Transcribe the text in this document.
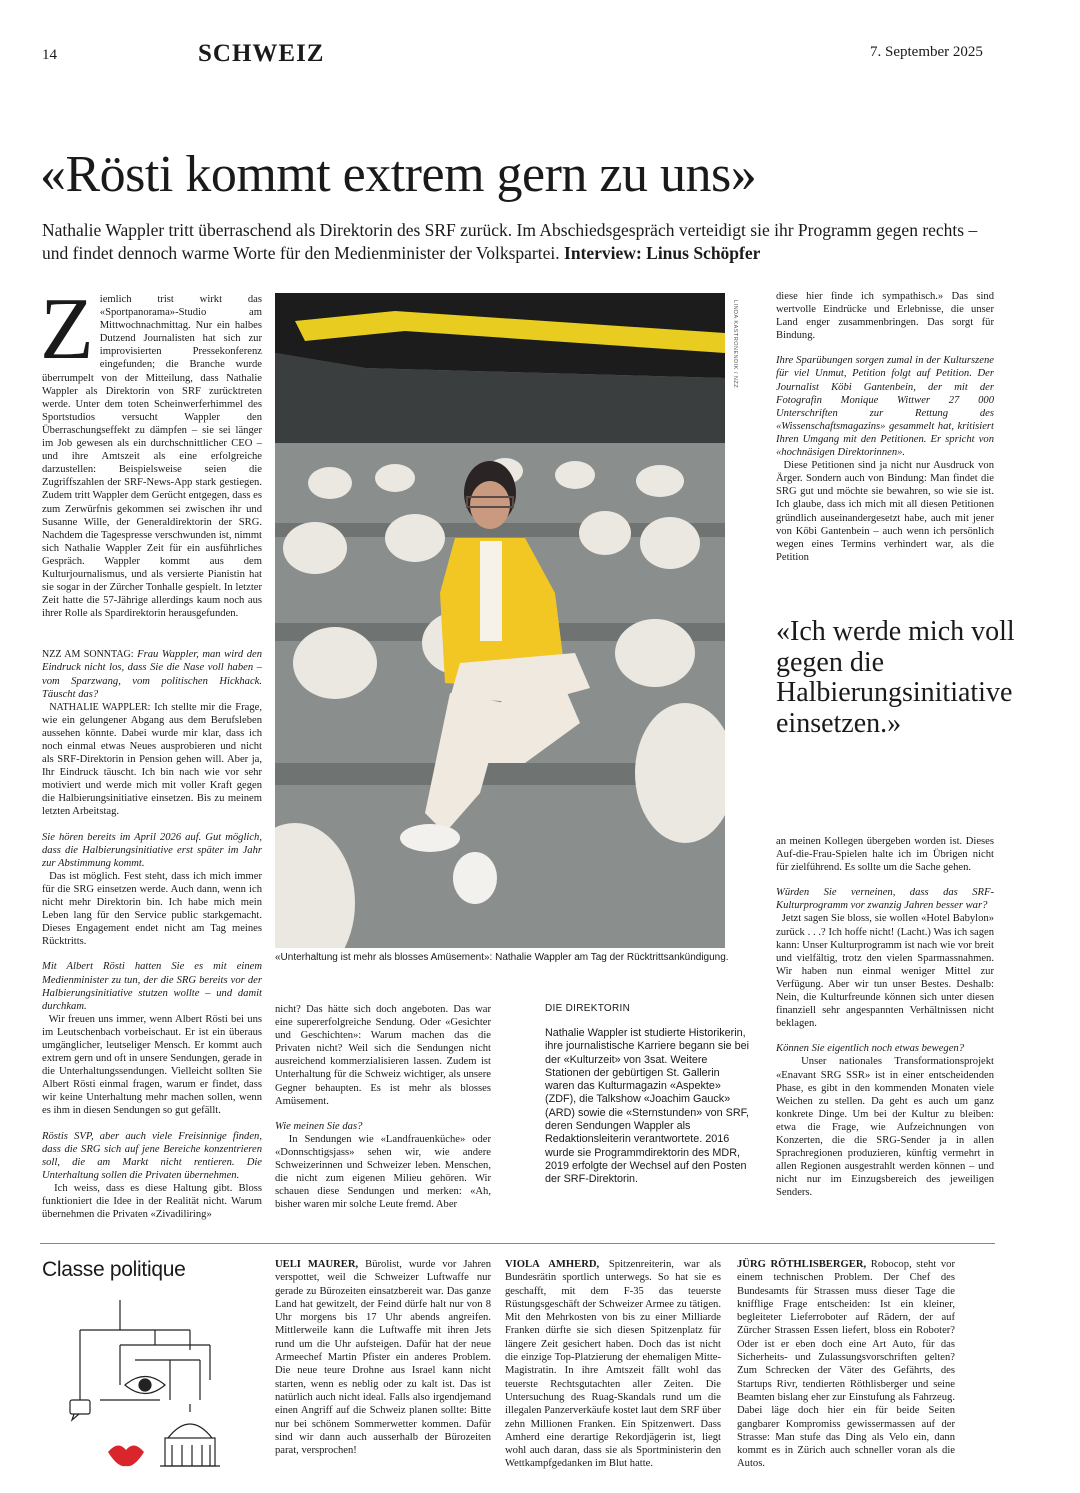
14	SCHWEIZ	7. September 2025
«Rösti kommt extrem gern zu uns»
Nathalie Wappler tritt überraschend als Direktorin des SRF zurück. Im Abschiedsgespräch verteidigt sie ihr Programm gegen rechts – und findet dennoch warme Worte für den Medienminister der Volkspartei. Interview: Linus Schöpfer

Ziemlich trist wirkt das «Sportpanorama»-Studio am Mittwochnachmittag. Nur ein halbes Dutzend Journalisten hat sich zur improvisierten Pressekonferenz eingefunden; die Branche wurde überrumpelt von der Mitteilung, dass Nathalie Wappler als Direktorin von SRF zurücktreten werde. Unter dem toten Scheinwerferhimmel des Sportstudios versucht Wappler den Überraschungseffekt zu dämpfen – sie sei länger im Job gewesen als ein durchschnittlicher CEO – und ihre Amtszeit als eine erfolgreiche darzustellen: Beispielsweise seien die Zugriffszahlen der SRF-News-App stark gestiegen. Zudem tritt Wappler dem Gerücht entgegen, dass es zum Zerwürfnis gekommen sei zwischen ihr und Susanne Wille, der Generaldirektorin der SRG. Nachdem die Tagespresse verschwunden ist, nimmt sich Nathalie Wappler Zeit für ein ausführliches Gespräch. Wappler kommt aus dem Kulturjournalismus, und als versierte Pianistin hat sie sogar in der Zürcher Tonhalle gespielt. In letzter Zeit hatte die 57-Jährige allerdings kaum noch aus ihrer Rolle als Spardirektorin herausgefunden.

NZZ AM SONNTAG: Frau Wappler, man wird den Eindruck nicht los, dass Sie die Nase voll haben – vom Sparzwang, vom politischen Hickhack. Täuscht das?

NATHALIE WAPPLER: Ich stellte mir die Frage, wie ein gelungener Abgang aus dem Berufsleben aussehen könnte. Dabei wurde mir klar, dass ich noch einmal etwas Neues ausprobieren und nicht als SRF-Direktorin in Pension gehen will. Aber ja, Ihr Eindruck täuscht. Ich bin nach wie vor sehr motiviert und werde mich mit voller Kraft gegen die Halbierungsinitiative einsetzen. Bis zu meinem letzten Arbeitstag.

Sie hören bereits im April 2026 auf. Gut möglich, dass die Halbierungsinitiative erst später im Jahr zur Abstimmung kommt.

Das ist möglich. Fest steht, dass ich mich immer für die SRG einsetzen werde. Auch dann, wenn ich nicht mehr Direktorin bin. Ich habe mich mein Leben lang für den Service public starkgemacht. Dieses Engagement endet nicht am Tag meines Rücktritts.

Mit Albert Rösti hatten Sie es mit einem Medienminister zu tun, der die SRG bereits vor der Halbierungsinitiative stutzen wollte – und damit durchkam.

Wir freuen uns immer, wenn Albert Rösti bei uns im Leutschenbach vorbeischaut. Er ist ein überaus umgänglicher, leutseliger Mensch. Er kommt auch extrem gern und oft in unsere Sendungen, gerade in die Unterhaltungssendungen. Vielleicht sollten Sie Albert Rösti einmal fragen, warum er findet, dass wir keine Unterhaltung mehr machen sollen, wenn es ihm in diesen Sendungen so gut gefällt.

Röstis SVP, aber auch viele Freisinnige finden, dass die SRG sich auf jene Bereiche konzentrieren soll, die am Markt nicht rentieren. Die Unterhaltung sollen die Privaten übernehmen.

Ich weiss, dass es diese Haltung gibt. Bloss funktioniert die Idee in der Realität nicht. Warum übernehmen die Privaten «Zivadiliring»

LINDA KASTRONENDIK / NZZ
«Unterhaltung ist mehr als blosses Amüsement»: Nathalie Wappler am Tag der Rücktrittsankündigung.

nicht? Das hätte sich doch angeboten. Das war eine supererfolgreiche Sendung. Oder «Gesichter und Geschichten»: Warum machen das die Privaten nicht? Weil sich die Sendungen nicht ausreichend kommerzialisieren lassen. Zudem ist Unterhaltung für die Schweiz wichtiger, als unsere Gegner behaupten. Es ist mehr als blosses Amüsement.

Wie meinen Sie das?

In Sendungen wie «Landfrauenküche» oder «Donnschtigsjass» sehen wir, wie andere Schweizerinnen und Schweizer leben. Menschen, die nicht zum eigenen Milieu gehören. Wir schauen diese Sendungen und merken: «Ah, bisher waren mir solche Leute fremd. Aber

DIE DIREKTORIN
Nathalie Wappler ist studierte Historikerin, ihre journalistische Karriere begann sie bei der «Kulturzeit» von 3sat. Weitere Stationen der gebürtigen St. Gallerin waren das Kulturmagazin «Aspekte» (ZDF), die Talkshow «Joachim Gauck» (ARD) sowie die «Sternstunden» von SRF, deren Sendungen Wappler als Redaktionsleiterin verantwortete. 2016 wurde sie Programmdirektorin des MDR, 2019 erfolgte der Wechsel auf den Posten der SRF-Direktorin.

diese hier finde ich sympathisch.» Das sind wertvolle Eindrücke und Erlebnisse, die unser Land enger zusammenbringen. Das sorgt für Bindung.

Ihre Sparübungen sorgen zumal in der Kulturszene für viel Unmut, Petition folgt auf Petition. Der Journalist Köbi Gantenbein, der mit der Fotografin Monique Wittwer 27 000 Unterschriften zur Rettung des «Wissenschaftsmagazins» gesammelt hat, kritisiert Ihren Umgang mit den Petitionen. Er spricht von «hochnäsigen Direktorinnen».

Diese Petitionen sind ja nicht nur Ausdruck von Ärger. Sondern auch von Bindung: Man findet die SRG gut und möchte sie bewahren, so wie sie ist. Ich glaube, dass ich mich mit all diesen Petitionen gründlich auseinandergesetzt habe, auch mit jener von Köbi Gantenbein – auch wenn ich persönlich wegen eines Termins verhindert war, als die Petition

«Ich werde mich voll gegen die Halbierungsinitiative einsetzen.»

an meinen Kollegen übergeben worden ist. Dieses Auf-die-Frau-Spielen halte ich im Übrigen nicht für zielführend. Es sollte um die Sache gehen.

Würden Sie verneinen, dass das SRF-Kulturprogramm vor zwanzig Jahren besser war?

Jetzt sagen Sie bloss, sie wollen «Hotel Babylon» zurück . . .? Ich hoffe nicht! (Lacht.) Was ich sagen kann: Unser Kulturprogramm ist nach wie vor breit und vielfältig, trotz den vielen Sparmassnahmen. Wir haben nun einmal weniger Mittel zur Verfügung. Aber wir tun unser Bestes. Deshalb: Nein, die Kulturfreunde können sich unter diesen finanziell sehr angespannten Verhältnissen nicht beklagen.

Können Sie eigentlich noch etwas bewegen?

Unser nationales Transformationsprojekt «Enavant SRG SSR» ist in einer entscheidenden Phase, es gibt in den kommenden Monaten viele Weichen zu stellen. Da geht es auch um ganz konkrete Dinge. Um bei der Kultur zu bleiben: etwa die Frage, wie Aufzeichnungen von Konzerten, die die SRG-Sender ja in allen Sprachregionen produzieren, künftig vermehrt in allen Regionen ausgestrahlt werden können – und nicht nur im Einzugsbereich des jeweiligen Senders.

Classe politique	UELI MAURER, Bürolist, wurde vor Jahren verspottet, weil die Schweizer Luftwaffe nur gerade zu Bürozeiten einsatzbereit war. Das ganze Land hat gewitzelt, der Feind dürfe halt nur von 8 Uhr morgens bis 17 Uhr abends angreifen. Mittlerweile kann die Luftwaffe mit ihren Jets rund um die Uhr aufsteigen. Dafür hat der neue Armeechef Martin Pfister ein anderes Problem. Die neue teure Drohne aus Israel kann nicht starten, wenn es neblig oder zu kalt ist. Das ist natürlich auch nicht ideal. Falls also irgendjemand einen Angriff auf die Schweiz planen sollte: Bitte nur bei schönem Sommerwetter kommen. Dafür sind wir dann auch ausserhalb der Bürozeiten parat, versprochen!
VIOLA AMHERD, Spitzenreiterin, war als Bundesrätin sportlich unterwegs. So hat sie es geschafft, mit dem F-35 das teuerste Rüstungsgeschäft der Schweizer Armee zu tätigen. Mit den Mehrkosten von bis zu einer Milliarde Franken dürfte sie sich diesen Spitzenplatz für längere Zeit gesichert haben. Doch das ist nicht die einzige Top-Platzierung der ehemaligen Mitte-Magistratin. In ihre Amtszeit fällt wohl das teuerste Rechtsgutachten aller Zeiten. Die Untersuchung des Ruag-Skandals rund um die illegalen Panzerverkäufe kostet laut dem SRF über zehn Millionen Franken. Ein Spitzenwert. Dass Amherd eine derartige Rekordjägerin ist, liegt wohl auch daran, dass sie als Sportministerin den Wettkampfgedanken im Blut hatte.
JÜRG RÖTHLISBERGER, Robocop, steht vor einem technischen Problem. Der Chef des Bundesamts für Strassen muss dieser Tage die knifflige Frage entscheiden: Ist ein kleiner, begleiteter Lieferroboter auf Rädern, der auf Zürcher Strassen Essen liefert, bloss ein Roboter? Oder ist er eben doch eine Art Auto, für das Sicherheits- und Zulassungsvorschriften gelten? Zum Schrecken der Väter des Gefährts, des Startups Rivr, tendierten Röthlisberger und seine Beamten bislang eher zur Einstufung als Fahrzeug. Dabei läge doch hier ein für beide Seiten gangbarer Kompromiss gewissermassen auf der Strasse: Man stufe das Ding als Velo ein, dann kommt es in Zürich auch schneller voran als die Autos.
